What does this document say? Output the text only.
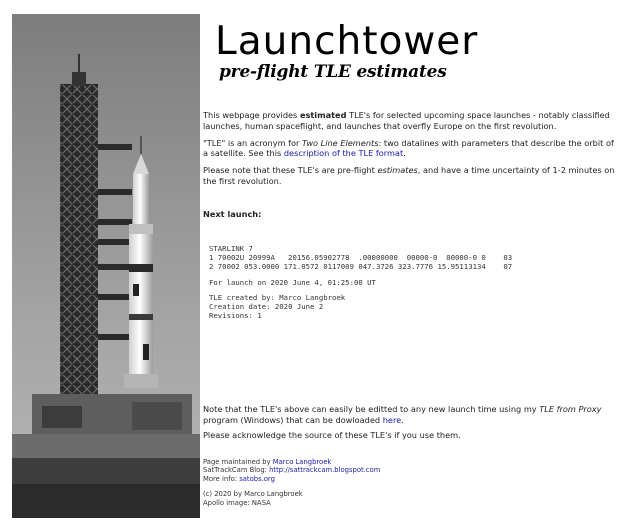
Launchtower
pre-flight TLE estimates

This webpage provides estimated TLE's for selected upcoming space launches - notably classified launches, human spaceflight, and launches that overfly Europe on the first revolution.

"TLE" is an acronym for Two Line Elements: two datalines with parameters that describe the orbit of a satellite. See this description of the TLE format.

Please note that these TLE's are pre-flight estimates, and have a time uncertainty of 1-2 minutes on the first revolution.

Next launch:

STARLINK 7
1 70002U 20999A   20156.05902778  .00000000  00000-0  00000-0 0    03
2 70002 053.0000 171.0572 0117009 047.3726 323.7776 15.95113134    07
For launch on 2020 June 4, 01:25:00 UT
TLE created by: Marco Langbroek
Creation date: 2020 June 2
Revisions: 1

Note that the TLE's above can easily be editted to any new launch time using my TLE from Proxy program (Windows) that can be dowloaded here.

Please acknowledge the source of these TLE's if you use them.

Page maintained by Marco Langbroek
SatTrackCam Blog: http://sattrackcam.blogspot.com
More info: satobs.org

(c) 2020 by Marco Langbroek
Apollo image: NASA
